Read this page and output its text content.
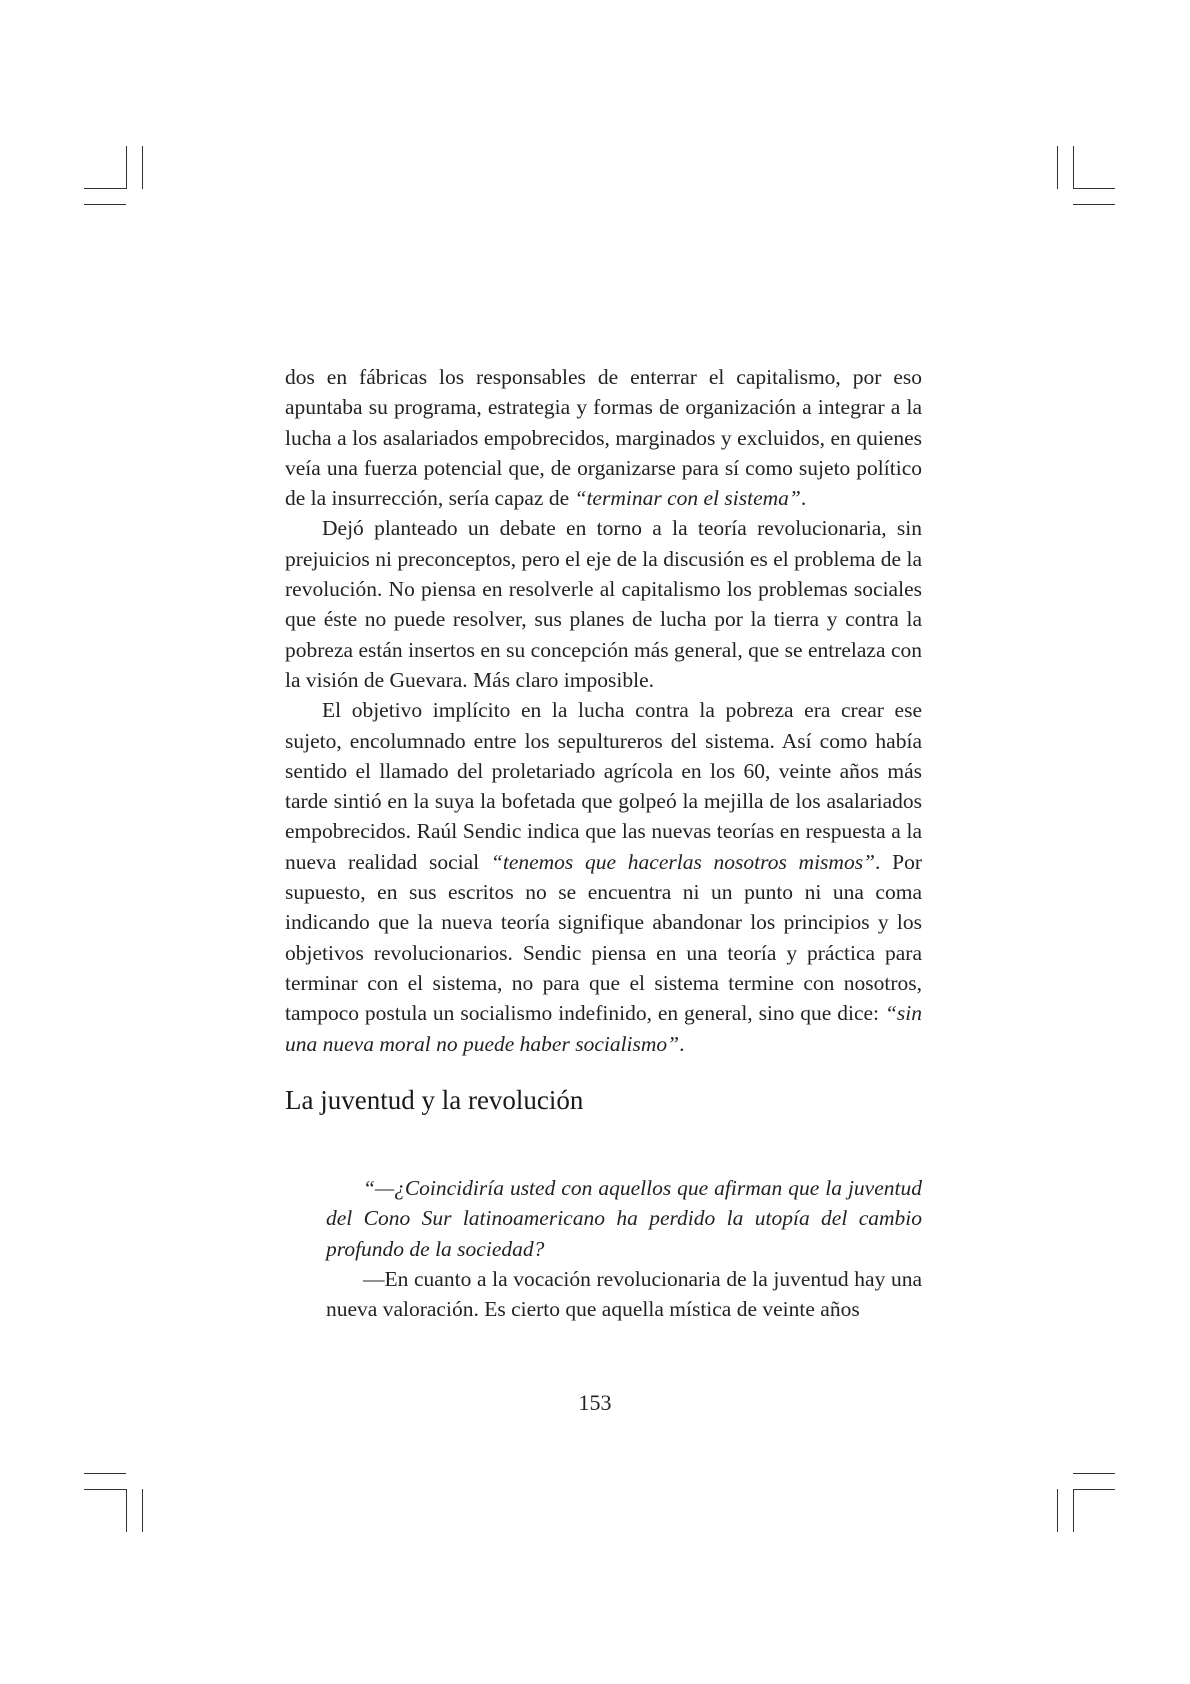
dos en fábricas los responsables de enterrar el capitalismo, por eso apuntaba su programa, estrategia y formas de organización a integrar a la lucha a los asalariados empobrecidos, marginados y excluidos, en quienes veía una fuerza potencial que, de organizarse para sí como sujeto político de la insurrección, sería capaz de “terminar con el sistema”.

Dejó planteado un debate en torno a la teoría revolucionaria, sin prejuicios ni preconceptos, pero el eje de la discusión es el problema de la revolución. No piensa en resolverle al capitalismo los problemas sociales que éste no puede resolver, sus planes de lucha por la tierra y contra la pobreza están insertos en su concepción más general, que se entrelaza con la visión de Guevara. Más claro imposible.

El objetivo implícito en la lucha contra la pobreza era crear ese sujeto, encolumnado entre los sepultureros del sistema. Así como había sentido el llamado del proletariado agrícola en los 60, veinte años más tarde sintió en la suya la bofetada que golpeó la mejilla de los asalariados empobrecidos. Raúl Sendic indica que las nuevas teorías en respuesta a la nueva realidad social “tenemos que hacerlas nosotros mismos”. Por supuesto, en sus escritos no se encuentra ni un punto ni una coma indicando que la nueva teoría signifique abandonar los principios y los objetivos revolucionarios. Sendic piensa en una teoría y práctica para terminar con el sistema, no para que el sistema termine con nosotros, tampoco postula un socialismo indefinido, en general, sino que dice: “sin una nueva moral no puede haber socialismo”.

La juventud y la revolución

“—¿Coincidiría usted con aquellos que afirman que la juventud del Cono Sur latinoamericano ha perdido la utopía del cambio profundo de la sociedad?

—En cuanto a la vocación revolucionaria de la juventud hay una nueva valoración. Es cierto que aquella mística de veinte años

153
